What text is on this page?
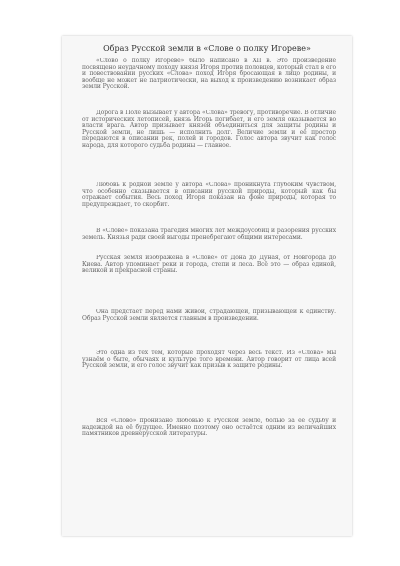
Образ Русской земли в «Слове о полку Игореве»
«Слово о полку Игореве» было написано в XII в. Это произведение посвящено неудачному походу князя Игоря против половцев, который стал в его и повествовании русских «Слова» поход Игоря бросающая в лицо родины, и вообще не может не патриотически, на выход к произведению возникает образ земли Русской.
Дорога в Поле вызывает у автора «Слова» тревогу, противоречие. В отличие от исторических летописей, князь Игорь погибает, и его земля оказывается во власти врага. Автор призывает князей объединиться для защиты родины и Русской земли, не лишь — исполнить долг. Величие земли и её простор передаются в описании рек, полей и городов. Голос автора звучит как голос народа, для которого судьба родины — главное.
Любовь к родной земле у автора «Слова» проникнута глубоким чувством, что особенно сказывается в описании русской природы, который как бы отражает события. Весь поход Игоря показан на фоне природы, которая то предупреждает, то скорбит.
В «Слове» показана трагедия многих лет междоусобиц и разорения русских земель. Князья ради своей выгоды пренебрегают общими интересами.
Русская земля изображена в «Слове» от Дона до Дуная, от Новгорода до Киева. Автор упоминает реки и города, степи и леса. Всё это — образ единой, великой и прекрасной страны.
Она предстаёт перед нами живой, страдающей, призывающей к единству. Образ Русской земли является главным в произведении.
Это одна из тех тем, которые проходят через весь текст. Из «Слова» мы узнаём о быте, обычаях и культуре того времени. Автор говорит от лица всей Русской земли, и его голос звучит как призыв к защите родины.
Вся «Слово» пронизано любовью к Русской земле, болью за её судьбу и надеждой на её будущее. Именно поэтому оно остаётся одним из величайших памятников древнерусской литературы.
